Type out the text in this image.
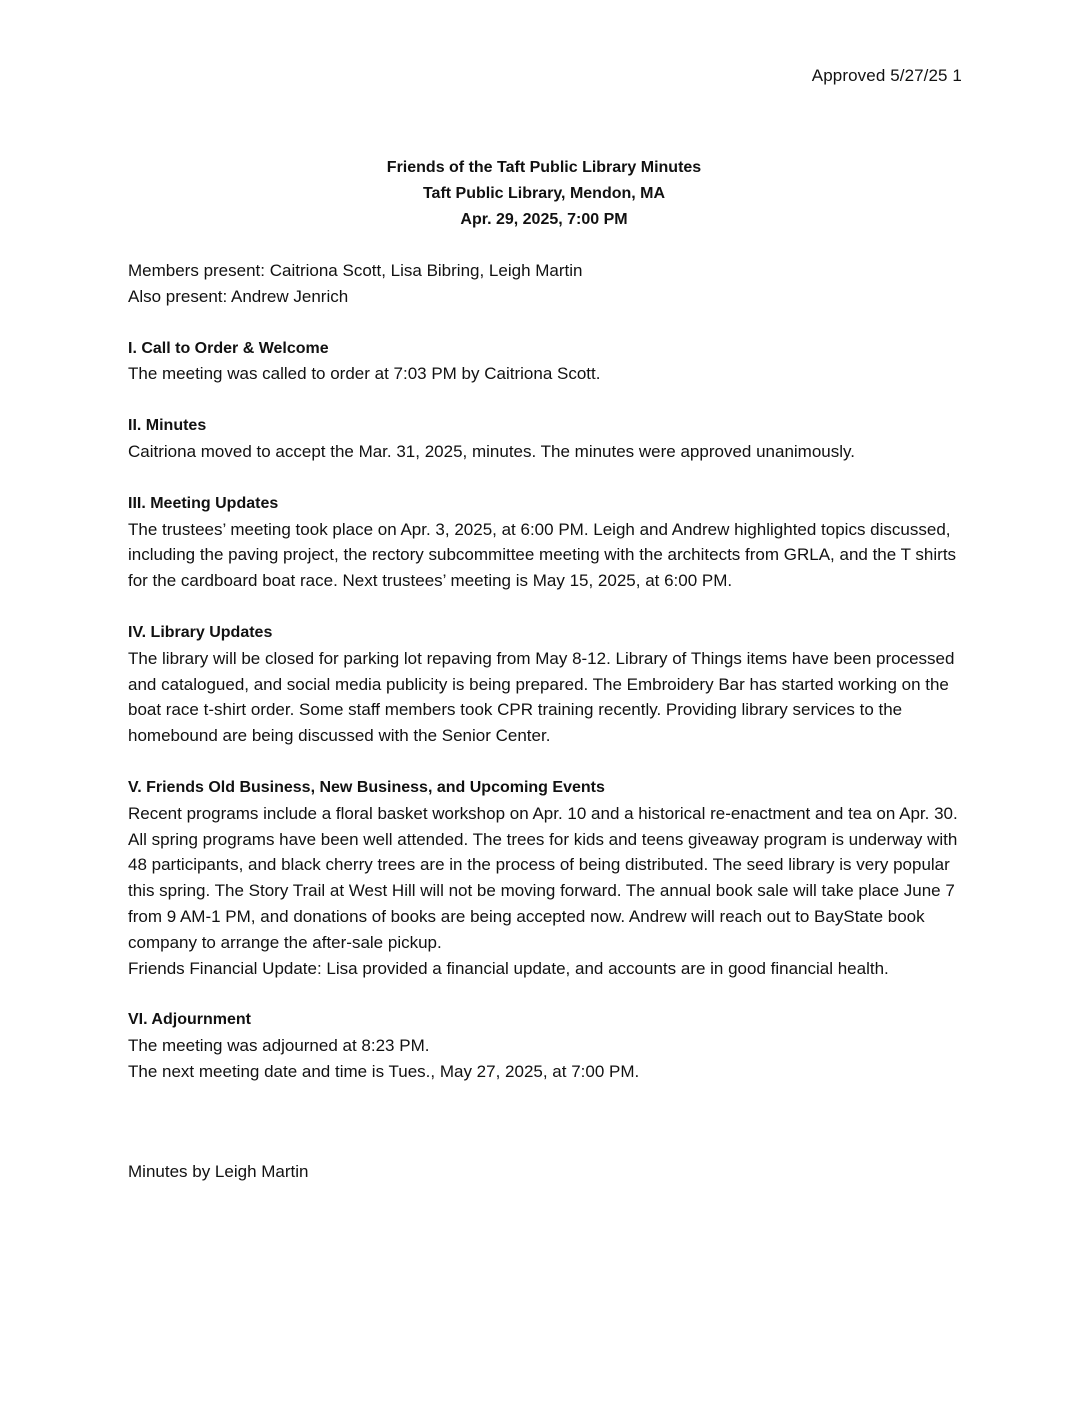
Approved 5/27/25 1
Friends of the Taft Public Library Minutes
Taft Public Library, Mendon, MA
Apr. 29, 2025, 7:00 PM

Members present: Caitriona Scott, Lisa Bibring, Leigh Martin

Also present: Andrew Jenrich

I. Call to Order & Welcome

The meeting was called to order at 7:03 PM by Caitriona Scott.

II. Minutes

Caitriona moved to accept the Mar. 31, 2025, minutes. The minutes were approved unanimously.

III. Meeting Updates

The trustees’ meeting took place on Apr. 3, 2025, at 6:00 PM. Leigh and Andrew highlighted topics discussed, including the paving project, the rectory subcommittee meeting with the architects from GRLA, and the T shirts for the cardboard boat race. Next trustees’ meeting is May 15, 2025, at 6:00 PM.

IV. Library Updates

The library will be closed for parking lot repaving from May 8-12. Library of Things items have been processed and catalogued, and social media publicity is being prepared. The Embroidery Bar has started working on the boat race t-shirt order. Some staff members took CPR training recently. Providing library services to the homebound are being discussed with the Senior Center.

V. Friends Old Business, New Business, and Upcoming Events

Recent programs include a floral basket workshop on Apr. 10 and a historical re-enactment and tea on Apr. 30. All spring programs have been well attended. The trees for kids and teens giveaway program is underway with 48 participants, and black cherry trees are in the process of being distributed. The seed library is very popular this spring. The Story Trail at West Hill will not be moving forward. The annual book sale will take place June 7 from 9 AM-1 PM, and donations of books are being accepted now. Andrew will reach out to BayState book company to arrange the after-sale pickup.

Friends Financial Update: Lisa provided a financial update, and accounts are in good financial health.

VI. Adjournment

The meeting was adjourned at 8:23 PM.

The next meeting date and time is Tues., May 27, 2025, at 7:00 PM.

Minutes by Leigh Martin
